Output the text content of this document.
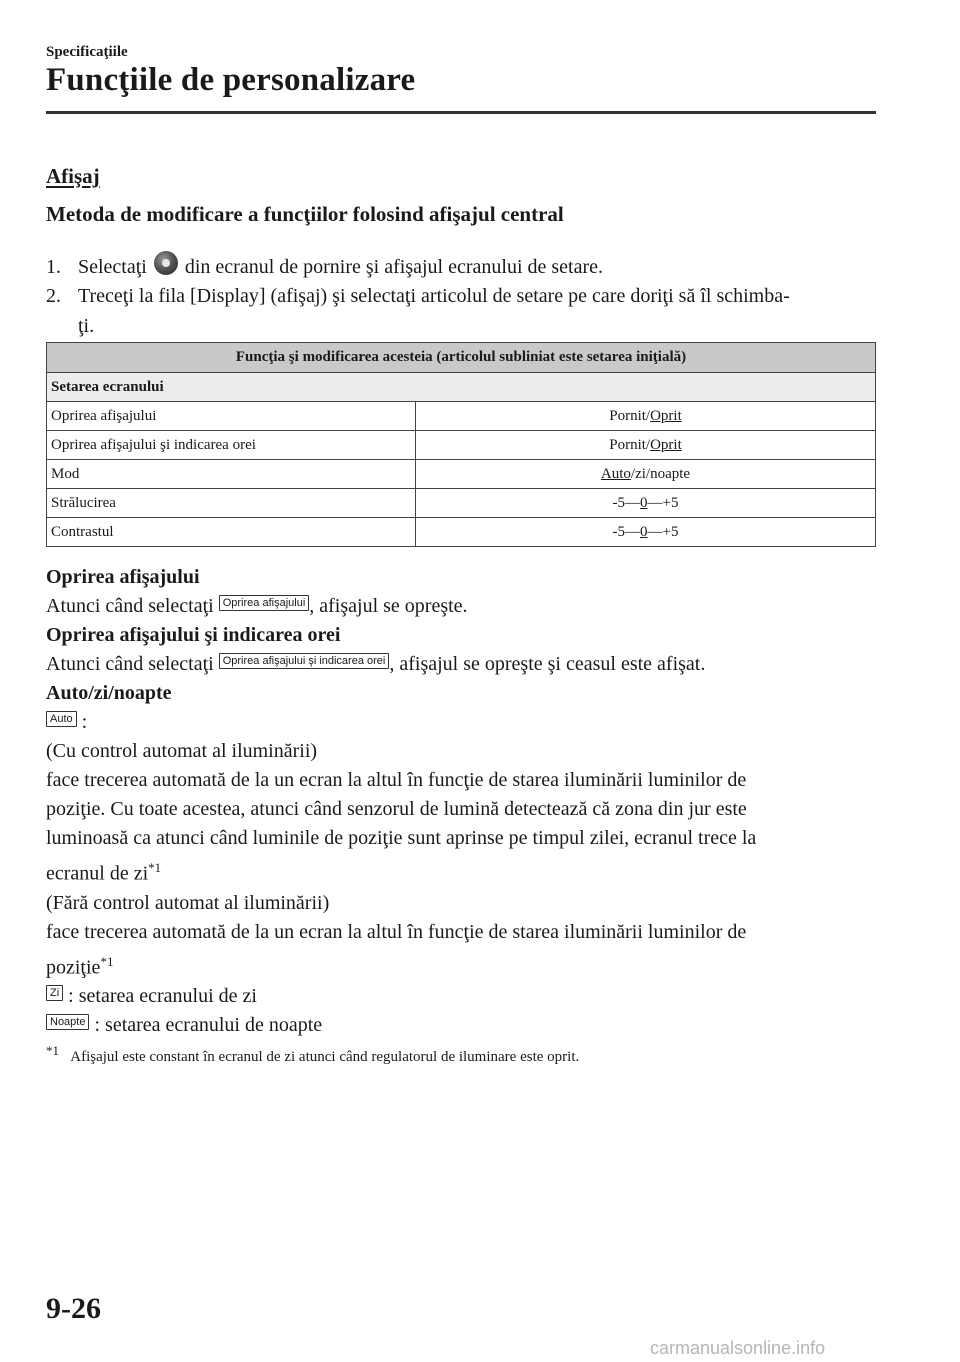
Specificaţiile
Funcţiile de personalizare
Afişaj
Metoda de modificare a funcţiilor folosind afişajul central
1. Selectaţi din ecranul de pornire şi afişajul ecranului de setare.
2. Treceţi la fila [Display] (afişaj) şi selectaţi articolul de setare pe care doriţi să îl schimba-
ţi.
Funcţia şi modificarea acesteia (articolul subliniat este setarea iniţială)	
Setarea ecranului	
Oprirea afişajului	Pornit/Oprit
Oprirea afişajului şi indicarea orei	Pornit/Oprit
Mod	Auto/zi/noapte
Strălucirea	-5—0—+5
Contrastul	-5—0—+5
Oprirea afişajului
Atunci când selectaţi Oprirea afişajului , afişajul se opreşte.
Oprirea afişajului şi indicarea orei
Atunci când selectaţi Oprirea afişajului şi indicarea orei , afişajul se opreşte şi ceasul este afişat.
Auto/zi/noapte
Auto :
(Cu control automat al iluminării)
face trecerea automată de la un ecran la altul în funcţie de starea iluminării luminilor de
poziţie. Cu toate acestea, atunci când senzorul de lumină detectează că zona din jur este
luminoasă ca atunci când luminile de poziţie sunt aprinse pe timpul zilei, ecranul trece la
ecranul de $zi^{*1}$
(Fără control automat al iluminării)
face trecerea automată de la un ecran la altul în funcţie de starea iluminării luminilor de
poziţie$^{*1}$
Zi : setarea ecranului de zi
Noapte : setarea ecranului de noapte
$^{*1}$ Afişajul este constant în ecranul de zi atunci când regulatorul de iluminare este oprit.
9-26
carmanualsonline.info
